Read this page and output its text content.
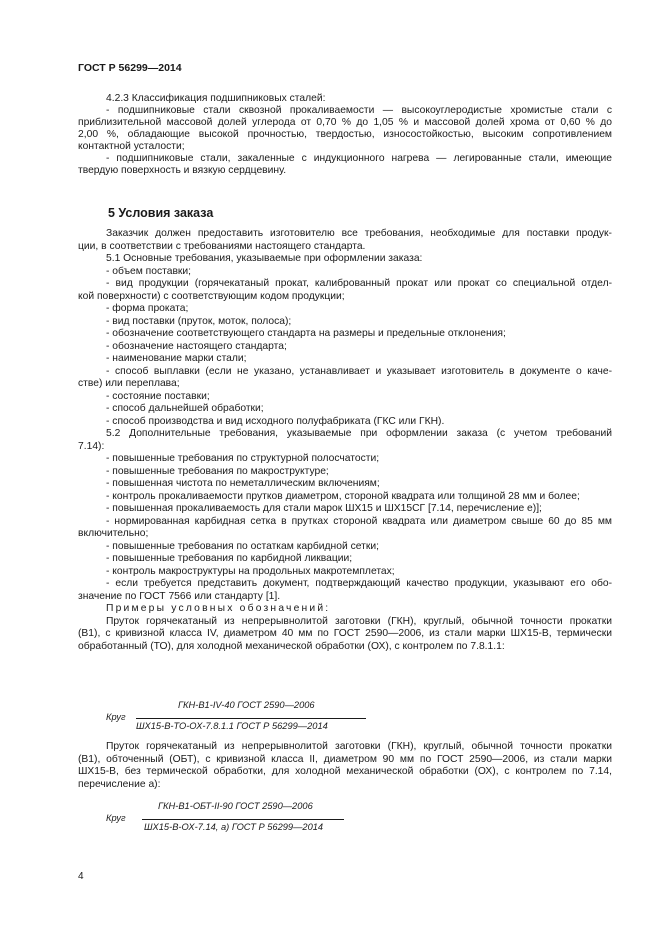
ГОСТ Р 56299—2014
4.2.3 Классификация подшипниковых сталей:
- подшипниковые стали сквозной прокаливаемости — высокоуглеродистые хромистые стали с
приблизительной массовой долей углерода от 0,70 % до 1,05 % и массовой долей хрома от 0,60 % до
2,00 %, обладающие высокой прочностью, твердостью, износостойкостью, высоким сопротивлением
контактной усталости;
- подшипниковые стали, закаленные с индукционного нагрева — легированные стали, имеющие
твердую поверхность и вязкую сердцевину.
5 Условия заказа
Заказчик должен предоставить изготовителю все требования, необходимые для поставки продук-
ции, в соответствии с требованиями настоящего стандарта.
5.1 Основные требования, указываемые при оформлении заказа:
- объем поставки;
- вид продукции (горячекатаный прокат, калиброванный прокат или прокат со специальной отдел-
кой поверхности) с соответствующим кодом продукции;
- форма проката;
- вид поставки (пруток, моток, полоса);
- обозначение соответствующего стандарта на размеры и предельные отклонения;
- обозначение настоящего стандарта;
- наименование марки стали;
- способ выплавки (если не указано, устанавливает и указывает изготовитель в документе о каче-
стве) или переплава;
- состояние поставки;
- способ дальнейшей обработки;
- способ производства и вид исходного полуфабриката (ГКС или ГКН).
5.2 Дополнительные требования, указываемые при оформлении заказа (с учетом требований
7.14):
- повышенные требования по структурной полосчатости;
- повышенные требования по макроструктуре;
- повышенная чистота по неметаллическим включениям;
- контроль прокаливаемости прутков диаметром, стороной квадрата или толщиной 28 мм и более;
- повышенная прокаливаемость для стали марок ШХ15 и ШХ15СГ [7.14, перечисление е)];
- нормированная карбидная сетка в прутках стороной квадрата или диаметром свыше 60 до 85 мм
включительно;
- повышенные требования по остаткам карбидной сетки;
- повышенные требования по карбидной ликвации;
- контроль макроструктуры на продольных макротемплетах;
- если требуется представить документ, подтверждающий качество продукции, указывают его обо-
значение по ГОСТ 7566 или стандарту [1].
Примеры условных обозначений:
Пруток горячекатаный из непрерывнолитой заготовки (ГКН), круглый, обычной точности прокатки
(В1), с кривизной класса IV, диаметром 40 мм по ГОСТ 2590—2006, из стали марки ШХ15-В, термически
обработанный (ТО), для холодной механической обработки (ОХ), с контролем по 7.8.1.1:
Круг
ГКН-В1-IV-40 ГОСТ 2590—2006
ШХ15-В-ТО-ОХ-7.8.1.1 ГОСТ Р 56299—2014
Пруток горячекатаный из непрерывнолитой заготовки (ГКН), круглый, обычной точности прокатки
(В1), обточенный (ОБТ), с кривизной класса II, диаметром 90 мм по ГОСТ 2590—2006, из стали марки
ШХ15-В, без термической обработки, для холодной механической обработки (ОХ), с контролем по 7.14,
перечисление а):
Круг
ГКН-В1-ОБТ-II-90 ГОСТ 2590—2006
ШХ15-В-ОХ-7.14, а) ГОСТ Р 56299—2014
4
